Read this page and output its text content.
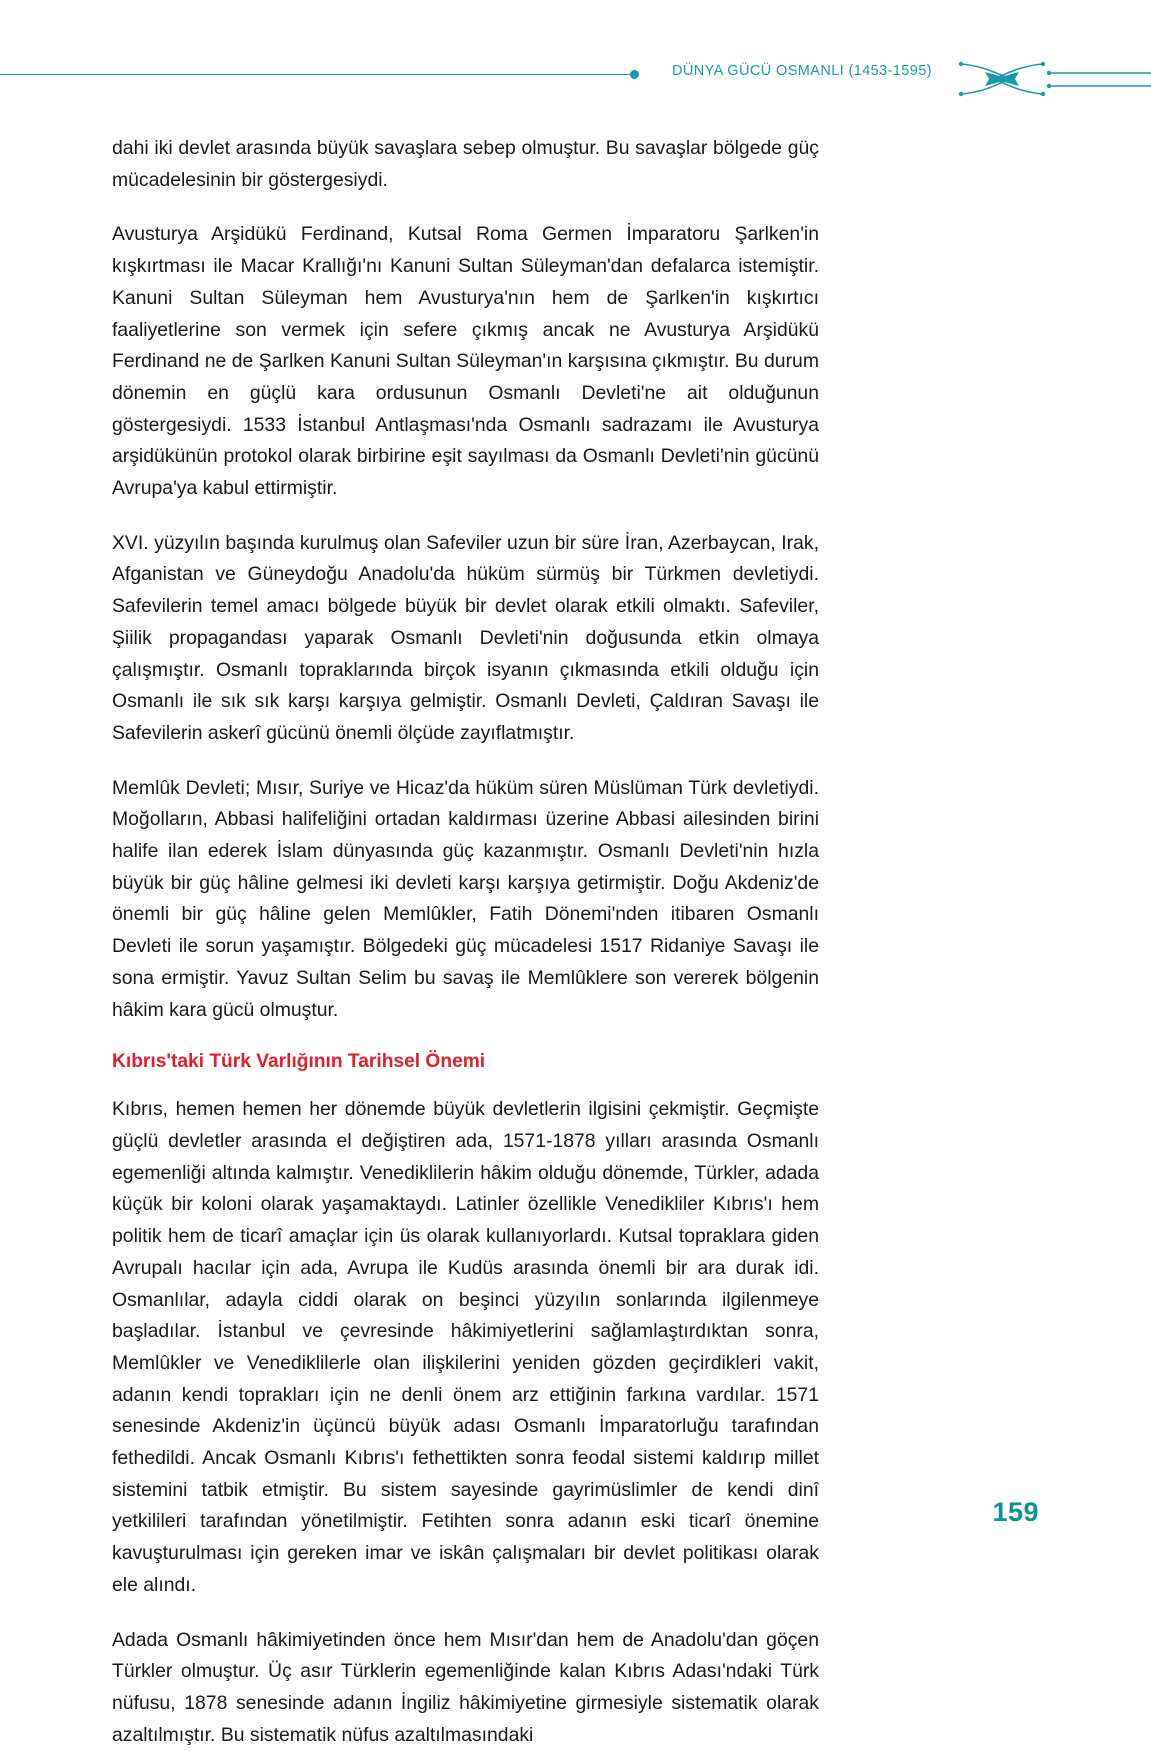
DÜNYA GÜCÜ OSMANLI (1453-1595)

dahi iki devlet arasında büyük savaşlara sebep olmuştur. Bu savaşlar bölgede güç mücadelesinin bir göstergesiydi.

Avusturya Arşidükü Ferdinand, Kutsal Roma Germen İmparatoru Şarlken'in kışkırtması ile Macar Krallığı'nı Kanuni Sultan Süleyman'dan defalarca istemiştir. Kanuni Sultan Süleyman hem Avusturya'nın hem de Şarlken'in kışkırtıcı faaliyetlerine son vermek için sefere çıkmış ancak ne Avusturya Arşidükü Ferdinand ne de Şarlken Kanuni Sultan Süleyman'ın karşısına çıkmıştır. Bu durum dönemin en güçlü kara ordusunun Osmanlı Devleti'ne ait olduğunun göstergesiydi. 1533 İstanbul Antlaşması'nda Osmanlı sadrazamı ile Avusturya arşidükünün protokol olarak birbirine eşit sayılması da Osmanlı Devleti'nin gücünü Avrupa'ya kabul ettirmiştir.

XVI. yüzyılın başında kurulmuş olan Safeviler uzun bir süre İran, Azerbaycan, Irak, Afganistan ve Güneydoğu Anadolu'da hüküm sürmüş bir Türkmen devletiydi. Safevilerin temel amacı bölgede büyük bir devlet olarak etkili olmaktı. Safeviler, Şiilik propagandası yaparak Osmanlı Devleti'nin doğusunda etkin olmaya çalışmıştır. Osmanlı topraklarında birçok isyanın çıkmasında etkili olduğu için Osmanlı ile sık sık karşı karşıya gelmiştir. Osmanlı Devleti, Çaldıran Savaşı ile Safevilerin askerî gücünü önemli ölçüde zayıflatmıştır.

Memlûk Devleti; Mısır, Suriye ve Hicaz'da hüküm süren Müslüman Türk devletiydi. Moğolların, Abbasi halifeliğini ortadan kaldırması üzerine Abbasi ailesinden birini halife ilan ederek İslam dünyasında güç kazanmıştır. Osmanlı Devleti'nin hızla büyük bir güç hâline gelmesi iki devleti karşı karşıya getirmiştir. Doğu Akdeniz'de önemli bir güç hâline gelen Memlûkler, Fatih Dönemi'nden itibaren Osmanlı Devleti ile sorun yaşamıştır. Bölgedeki güç mücadelesi 1517 Ridaniye Savaşı ile sona ermiştir. Yavuz Sultan Selim bu savaş ile Memlûklere son vererek bölgenin hâkim kara gücü olmuştur.

Kıbrıs'taki Türk Varlığının Tarihsel Önemi

Kıbrıs, hemen hemen her dönemde büyük devletlerin ilgisini çekmiştir. Geçmişte güçlü devletler arasında el değiştiren ada, 1571-1878 yılları arasında Osmanlı egemenliği altında kalmıştır. Venediklilerin hâkim olduğu dönemde, Türkler, adada küçük bir koloni olarak yaşamaktaydı. Latinler özellikle Venedikliler Kıbrıs'ı hem politik hem de ticarî amaçlar için üs olarak kullanıyorlardı. Kutsal topraklara giden Avrupalı hacılar için ada, Avrupa ile Kudüs arasında önemli bir ara durak idi. Osmanlılar, adayla ciddi olarak on beşinci yüzyılın sonlarında ilgilenmeye başladılar. İstanbul ve çevresinde hâkimiyetlerini sağlamlaştırdıktan sonra, Memlûkler ve Venediklilerle olan ilişkilerini yeniden gözden geçirdikleri vakit, adanın kendi toprakları için ne denli önem arz ettiğinin farkına vardılar. 1571 senesinde Akdeniz'in üçüncü büyük adası Osmanlı İmparatorluğu tarafından fethedildi. Ancak Osmanlı Kıbrıs'ı fethettikten sonra feodal sistemi kaldırıp millet sistemini tatbik etmiştir. Bu sistem sayesinde gayrimüslimler de kendi dinî yetkilileri tarafından yönetilmiştir. Fetihten sonra adanın eski ticarî önemine kavuşturulması için gereken imar ve iskân çalışmaları bir devlet politikası olarak ele alındı.

Adada Osmanlı hâkimiyetinden önce hem Mısır'dan hem de Anadolu'dan göçen Türkler olmuştur. Üç asır Türklerin egemenliğinde kalan Kıbrıs Adası'ndaki Türk nüfusu, 1878 senesinde adanın İngiliz hâkimiyetine girmesiyle sistematik olarak azaltılmıştır. Bu sistematik nüfus azaltılmasındaki

159
